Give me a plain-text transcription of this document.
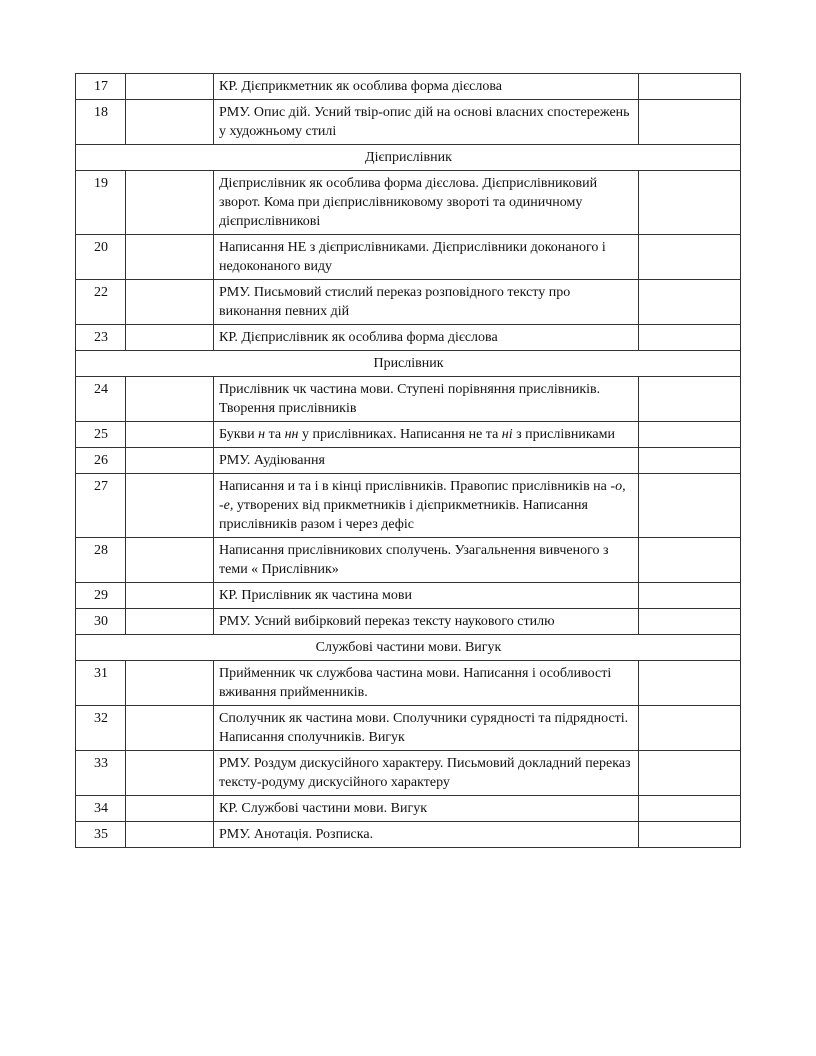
17		КР. Дієприкметник як особлива форма дієслова	
18		РМУ. Опис дій. Усний твір-опис дій на основі власних спостережень у художньому стилі	
Дієприслівник			
19		Дієприслівник як особлива форма дієслова. Дієприслівниковий зворот. Кома при дієприслівниковому звороті та одиничному дієприслівникові	
20		Написання НЕ з дієприслівниками. Дієприслівники доконаного і недоконаного виду	
22		РМУ. Письмовий стислий переказ розповідного тексту про виконання певних дій	
23		КР. Дієприслівник як особлива форма дієслова	
Прислівник			
24		Прислівник чк частина мови. Ступені порівняння прислівників. Творення прислівників	
25		Букви н та нн у прислівниках. Написання не та ні з прислівниками	
26		РМУ. Аудіювання	
27		Написання и та і в кінці прислівників. Правопис прислівників на -о, -е, утворених від прикметників і дієприкметників. Написання прислівників разом і через дефіс	
28		Написання прислівникових сполучень. Узагальнення вивченого з теми « Прислівник»	
29		КР. Прислівник як частина мови	
30		РМУ. Усний вибірковий переказ тексту наукового стилю	
Службові частини мови. Вигук			
31		Прийменник чк службова частина мови. Написання і особливості вживання прийменників.	
32		Сполучник як частина мови. Сполучники сурядності та підрядності. Написання сполучників. Вигук	
33		РМУ. Роздум дискусійного характеру. Письмовий докладний переказ тексту-родуму дискусійного характеру	
34		КР. Службові частини мови. Вигук	
35		РМУ. Анотація. Розписка.	
